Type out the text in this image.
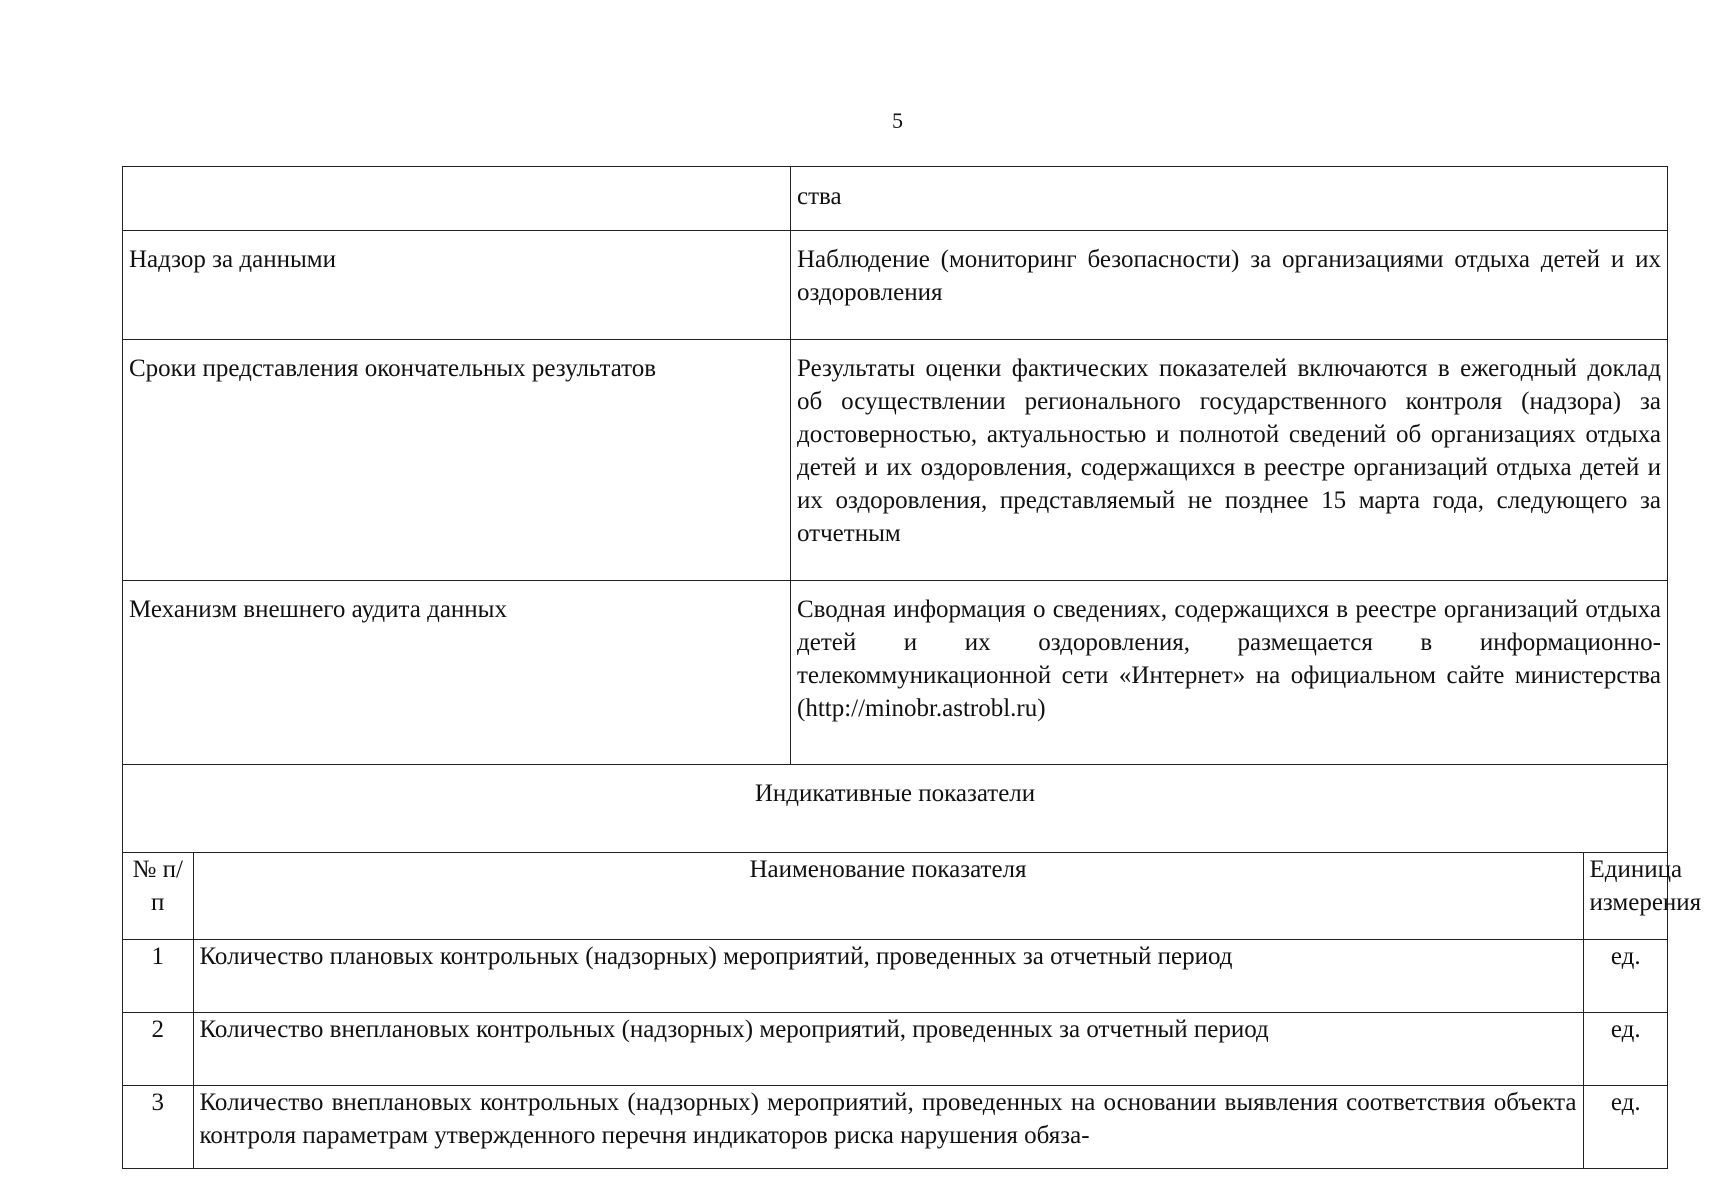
5
	ства
Надзор за данными	Наблюдение (мониторинг безопасности) за организациями отдыха детей и их оздоровления
Сроки представления окончательных результатов	Результаты оценки фактических показателей включаются в ежегодный доклад об осуществлении регионального государственного контроля (надзора) за достоверностью, актуальностью и полнотой сведений об организациях отдыха детей и их оздоровления, содержащихся в реестре организаций отдыха детей и их оздоровления, представляемый не позднее 15 марта года, следующего за отчетным
Механизм внешнего аудита данных	Сводная информация о сведениях, содержащихся в реестре организаций отдыха детей и их оздоровления, размещается в информационно-телекоммуникационной сети «Интернет» на официальном сайте министерства (http://minobr.astrobl.ru)
Индикативные показатели

№ п/п	Наименование показателя	Единица измерения
1	Количество плановых контрольных (надзорных) мероприятий, проведенных за отчетный период	ед.
2	Количество внеплановых контрольных (надзорных) мероприятий, проведенных за отчетный период	ед.
3	Количество внеплановых контрольных (надзорных) мероприятий, проведенных на основании выявления соответствия объекта контроля параметрам утвержденного перечня индикаторов риска нарушения обяза-	ед.
